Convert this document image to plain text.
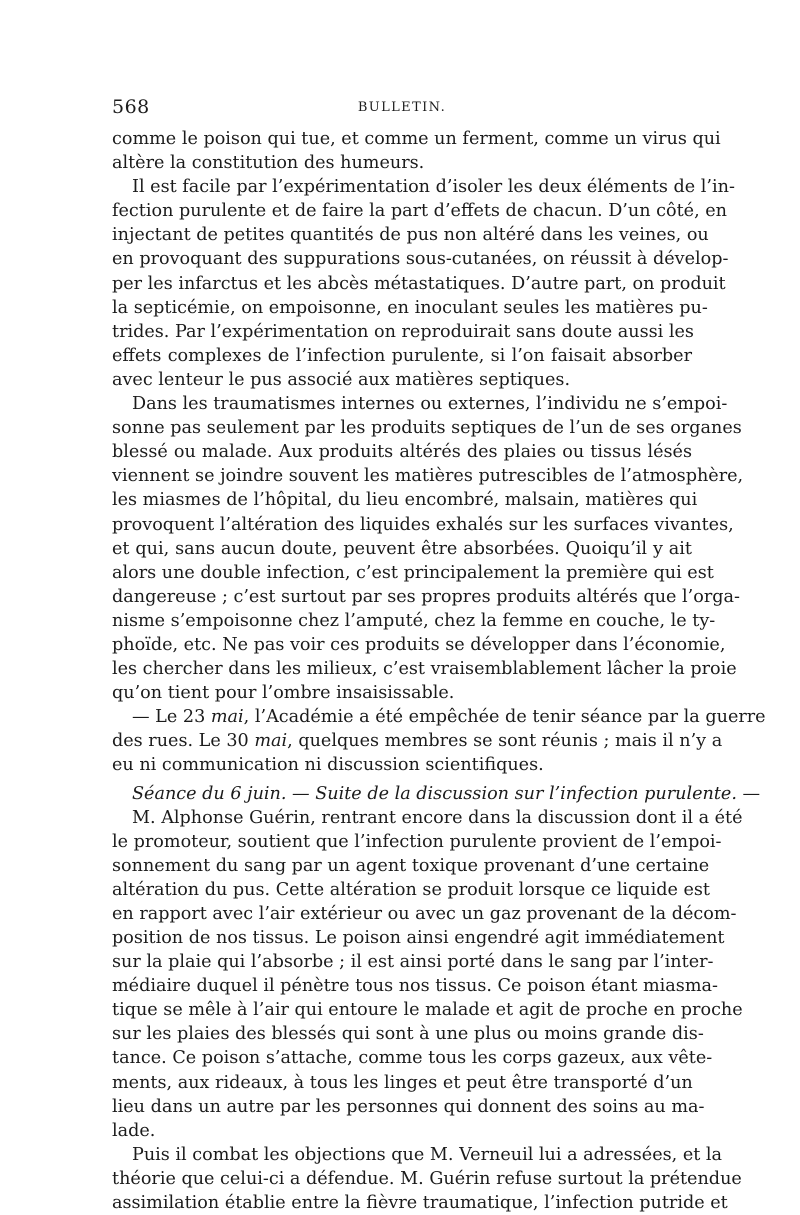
568	BULLETIN.
comme le poison qui tue, et comme un ferment, comme un virus qui
altère la constitution des humeurs.
Il est facile par l’expérimentation d’isoler les deux éléments de l’in-
fection purulente et de faire la part d’effets de chacun. D’un côté, en
injectant de petites quantités de pus non altéré dans les veines, ou
en provoquant des suppurations sous-cutanées, on réussit à dévelop-
per les infarctus et les abcès métastatiques. D’autre part, on produit
la septicémie, on empoisonne, en inoculant seules les matières pu-
trides. Par l’expérimentation on reproduirait sans doute aussi les
effets complexes de l’infection purulente, si l’on faisait absorber
avec lenteur le pus associé aux matières septiques.
Dans les traumatismes internes ou externes, l’individu ne s’empoi-
sonne pas seulement par les produits septiques de l’un de ses organes
blessé ou malade. Aux produits altérés des plaies ou tissus lésés
viennent se joindre souvent les matières putrescibles de l’atmosphère,
les miasmes de l’hôpital, du lieu encombré, malsain, matières qui
provoquent l’altération des liquides exhalés sur les surfaces vivantes,
et qui, sans aucun doute, peuvent être absorbées. Quoiqu’il y ait
alors une double infection, c’est principalement la première qui est
dangereuse ; c’est surtout par ses propres produits altérés que l’orga-
nisme s’empoisonne chez l’amputé, chez la femme en couche, le ty-
phoïde, etc. Ne pas voir ces produits se développer dans l’économie,
les chercher dans les milieux, c’est vraisemblablement lâcher la proie
qu’on tient pour l’ombre insaisissable.
— Le 23 mai, l’Académie a été empêchée de tenir séance par la guerre
des rues. Le 30 mai, quelques membres se sont réunis ; mais il n’y a
eu ni communication ni discussion scientifiques.
Séance du 6 juin. — Suite de la discussion sur l’infection purulente. —
M. Alphonse Guérin, rentrant encore dans la discussion dont il a été
le promoteur, soutient que l’infection purulente provient de l’empoi-
sonnement du sang par un agent toxique provenant d’une certaine
altération du pus. Cette altération se produit lorsque ce liquide est
en rapport avec l’air extérieur ou avec un gaz provenant de la décom-
position de nos tissus. Le poison ainsi engendré agit immédiatement
sur la plaie qui l’absorbe ; il est ainsi porté dans le sang par l’inter-
médiaire duquel il pénètre tous nos tissus. Ce poison étant miasma-
tique se mêle à l’air qui entoure le malade et agit de proche en proche
sur les plaies des blessés qui sont à une plus ou moins grande dis-
tance. Ce poison s’attache, comme tous les corps gazeux, aux vête-
ments, aux rideaux, à tous les linges et peut être transporté d’un
lieu dans un autre par les personnes qui donnent des soins au ma-
lade.
Puis il combat les objections que M. Verneuil lui a adressées, et la
théorie que celui-ci a défendue. M. Guérin refuse surtout la prétendue
assimilation établie entre la fièvre traumatique, l’infection putride et
